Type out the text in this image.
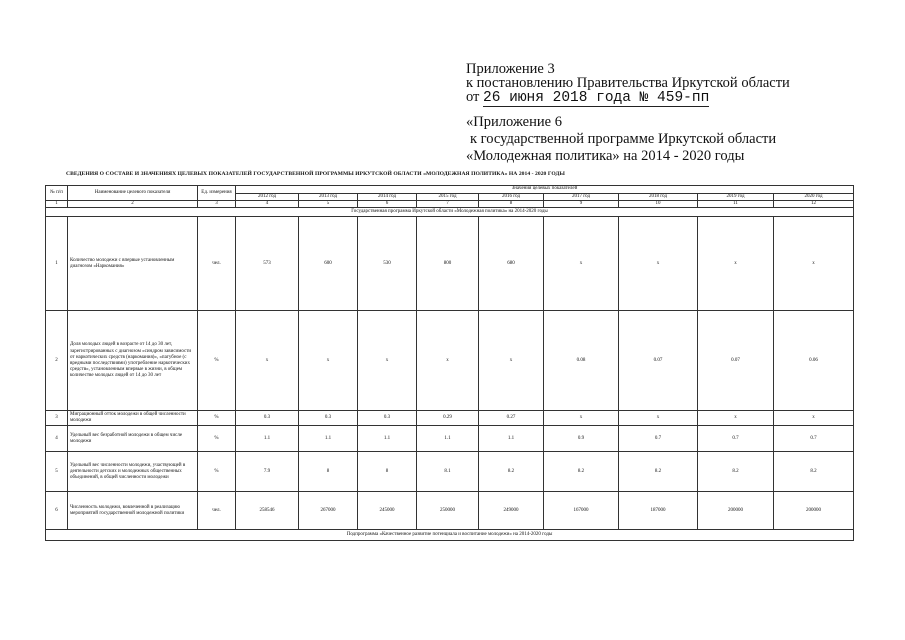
Приложение 3
к постановлению Правительства Иркутской области
от 26 июня 2018 года № 459-пп
«Приложение 6
к государственной программе Иркутской области
«Молодежная политика» на 2014 - 2020 годы
СВЕДЕНИЯ О СОСТАВЕ И ЗНАЧЕНИЯХ ЦЕЛЕВЫХ ПОКАЗАТЕЛЕЙ ГОСУДАРСТВЕННОЙ ПРОГРАММЫ ИРКУТСКОЙ ОБЛАСТИ «МОЛОДЕЖНАЯ ПОЛИТИКА» НА 2014 - 2020 ГОДЫ
№ п/п	Наименование целевого показателя	Ед. измерения	Значения целевых показателей								
			2012 год	2013 год	2014 год	2015 год	2016 год	2017 год	2018 год	2019 год	2020 год
1	2	3	4	5	6	7	8	9	10	11	12
Государственная программа Иркутской области «Молодежная политика» на 2014-2020 годы											
1	Количество молодежи с впервые установленным диагнозом «Наркомания»	чел.	573	600	530	800	680	х	х	х	х
2	Доля молодых людей в возрасте от 14 до 30 лет, зарегистрированных с диагнозом «синдром зависимости от наркотических средств (наркомания)», «пагубное (с вредными последствиями) употребление наркотических средств», установленным впервые в жизни, в общем количестве молодых людей от 14 до 30 лет	%	х	х	х	х	х	0.08	0.07	0.07	0.06
3	Миграционный отток молодежи в общей численности молодежи	%	0.3	0.3	0.3	0.29	0.27	х	х	х	х
4	Удельный вес безработной молодежи в общем числе молодежи	%	1.1	1.1	1.1	1.1	1.1	0.9	0.7	0.7	0.7
5	Удельный вес численности молодежи, участвующей в деятельности детских и молодежных общественных объединений, в общей численности молодежи	%	7.9	8	8	8.1	8.2	8.2	8.2	8.2	8.2
6	Численность молодежи, вовлеченной в реализацию мероприятий государственной молодежной политики	чел.	258546	267000	245000	250000	249000	167000	187000	200000	200000
Подпрограмма «Качественное развитие потенциала и воспитание молодежи» на 2014-2020 годы											
